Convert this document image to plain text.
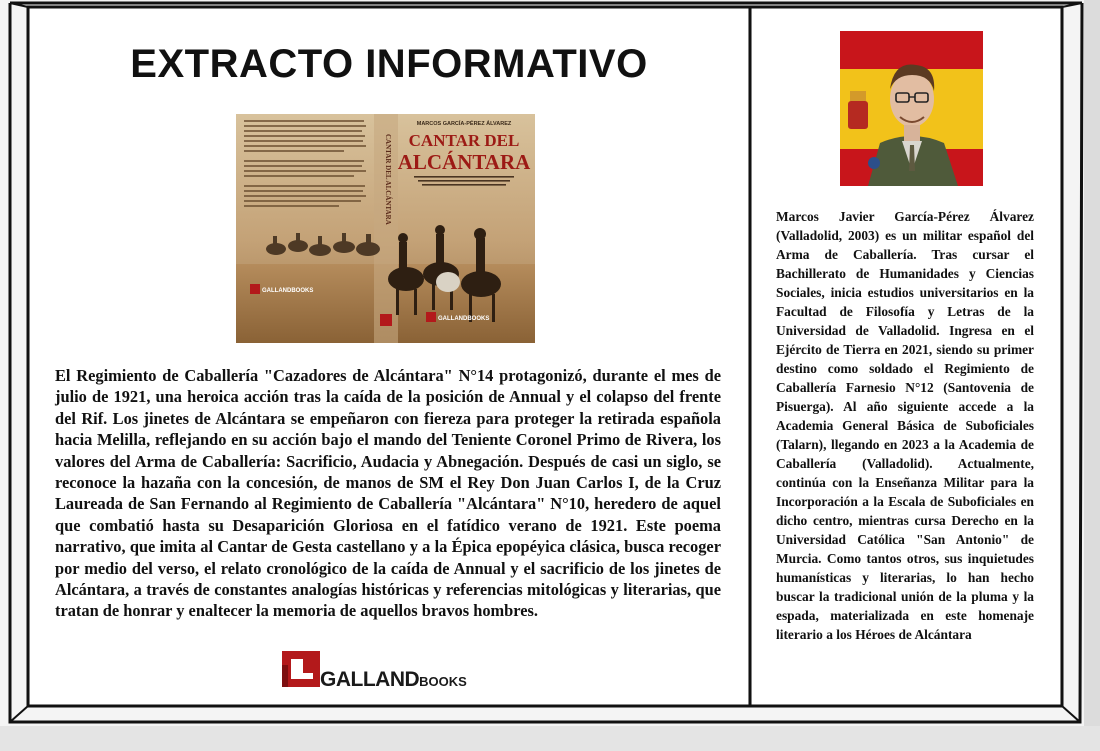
EXTRACTO INFORMATIVO
CANTAR DEL ALCÁNTARA
MARCOS GARCÍA-PÉREZ ÁLVAREZ
CANTAR DEL
ALCÁNTARA
GALLANDBOOKS
GALLANDBOOKS

El Regimiento de Caballería "Cazadores de Alcántara" N°14 protagonizó, durante el mes de julio de 1921, una heroica acción tras la caída de la posición de Annual y el colapso del frente del Rif. Los jinetes de Alcántara se empeñaron con fiereza para proteger la retirada española hacia Melilla, reflejando en su acción bajo el mando del Teniente Coronel Primo de Rivera, los valores del Arma de Caballería: Sacrificio, Audacia y Abnegación. Después de casi un siglo, se reconoce la hazaña con la concesión, de manos de SM el Rey Don Juan Carlos I, de la Cruz Laureada de San Fernando al Regimiento de Caballería "Alcántara" N°10, heredero de aquel que combatió hasta su Desaparición Gloriosa en el fatídico verano de 1921. Este poema narrativo, que imita al Cantar de Gesta castellano y a la Épica epopéyica clásica, busca recoger por medio del verso, el relato cronológico de la caída de Annual y el sacrificio de los jinetes de Alcántara, a través de constantes analogías históricas y referencias mitológicas y literarias, que tratan de honrar y enaltecer la memoria de aquellos bravos hombres.

GALLANDBOOKS

Marcos Javier García-Pérez Álvarez (Valladolid, 2003) es un militar español del Arma de Caballería. Tras cursar el Bachillerato de Humanidades y Ciencias Sociales, inicia estudios universitarios en la Facultad de Filosofía y Letras de la Universidad de Valladolid. Ingresa en el Ejército de Tierra en 2021, siendo su primer destino como soldado el Regimiento de Caballería Farnesio N°12 (Santovenia de Pisuerga). Al año siguiente accede a la Academia General Básica de Suboficiales (Talarn), llegando en 2023 a la Academia de Caballería (Valladolid). Actualmente, continúa con la Enseñanza Militar para la Incorporación a la Escala de Suboficiales en dicho centro, mientras cursa Derecho en la Universidad Católica "San Antonio" de Murcia. Como tantos otros, sus inquietudes humanísticas y literarias, lo han hecho buscar la tradicional unión de la pluma y la espada, materializada en este homenaje literario a los Héroes de Alcántara
